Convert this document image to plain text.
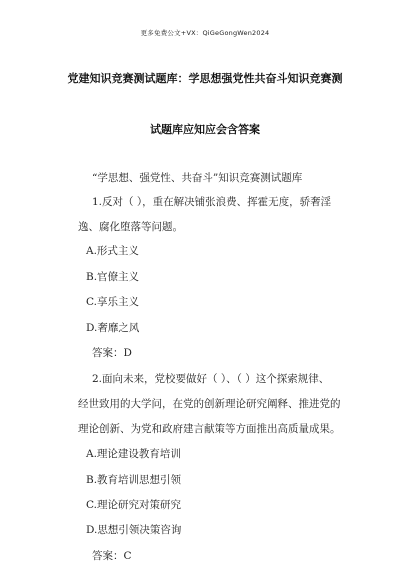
更多免费公文+VX：QiGeGongWen2024
党建知识竞赛测试题库：学思想强党性共奋斗知识竞赛测
试题库应知应会含答案
“学思想、强党性、共奋斗”知识竞赛测试题库
1.反对（ ），重在解决铺张浪费、挥霍无度，骄奢淫
逸、腐化堕落等问题。
A.形式主义
B.官僚主义
C.享乐主义
D.奢靡之风
答案：D
2.面向未来，党校要做好（ ）、（ ）这个探索规律、
经世致用的大学问，在党的创新理论研究阐释、推进党的
理论创新、为党和政府建言献策等方面推出高质量成果。
A.理论建设教育培训
B.教育培训思想引领
C.理论研究对策研究
D.思想引领决策咨询
答案：C
